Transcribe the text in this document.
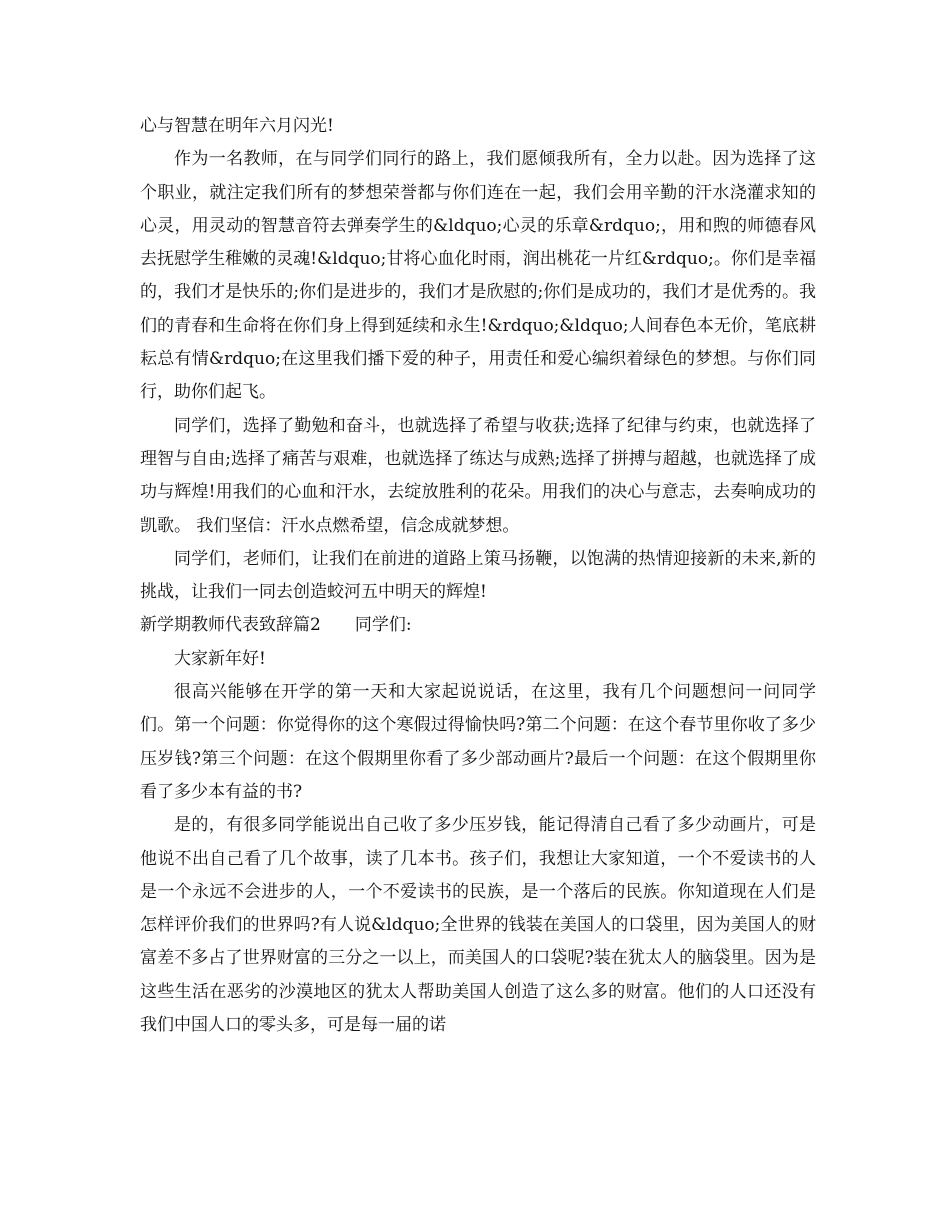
心与智慧在明年六月闪光!

作为一名教师，在与同学们同行的路上，我们愿倾我所有，全力以赴。因为选择了这个职业，就注定我们所有的梦想荣誉都与你们连在一起，我们会用辛勤的汗水浇灌求知的心灵，用灵动的智慧音符去弹奏学生的&ldquo;心灵的乐章&rdquo;，用和煦的师德春风去抚慰学生稚嫩的灵魂!&ldquo;甘将心血化时雨，润出桃花一片红&rdquo;。你们是幸福的，我们才是快乐的;你们是进步的，我们才是欣慰的;你们是成功的，我们才是优秀的。我们的青春和生命将在你们身上得到延续和永生!&rdquo;&ldquo;人间春色本无价，笔底耕耘总有情&rdquo;在这里我们播下爱的种子，用责任和爱心编织着绿色的梦想。与你们同行，助你们起飞。

同学们，选择了勤勉和奋斗，也就选择了希望与收获;选择了纪律与约束，也就选择了理智与自由;选择了痛苦与艰难，也就选择了练达与成熟;选择了拼搏与超越，也就选择了成功与辉煌!用我们的心血和汗水，去绽放胜利的花朵。用我们的决心与意志，去奏响成功的凯歌。 我们坚信：汗水点燃希望，信念成就梦想。

同学们，老师们，让我们在前进的道路上策马扬鞭，以饱满的热情迎接新的未来,新的挑战，让我们一同去创造蛟河五中明天的辉煌!

新学期教师代表致辞篇2　　同学们:

大家新年好!

很高兴能够在开学的第一天和大家起说说话，在这里，我有几个问题想问一问同学们。第一个问题：你觉得你的这个寒假过得愉快吗?第二个问题：在这个春节里你收了多少压岁钱?第三个问题：在这个假期里你看了多少部动画片?最后一个问题：在这个假期里你看了多少本有益的书?

是的，有很多同学能说出自己收了多少压岁钱，能记得清自己看了多少动画片，可是他说不出自己看了几个故事，读了几本书。孩子们，我想让大家知道，一个不爱读书的人是一个永远不会进步的人，一个不爱读书的民族，是一个落后的民族。你知道现在人们是怎样评价我们的世界吗?有人说&ldquo;全世界的钱装在美国人的口袋里，因为美国人的财富差不多占了世界财富的三分之一以上，而美国人的口袋呢?装在犹太人的脑袋里。因为是这些生活在恶劣的沙漠地区的犹太人帮助美国人创造了这么多的财富。他们的人口还没有我们中国人口的零头多，可是每一届的诺
